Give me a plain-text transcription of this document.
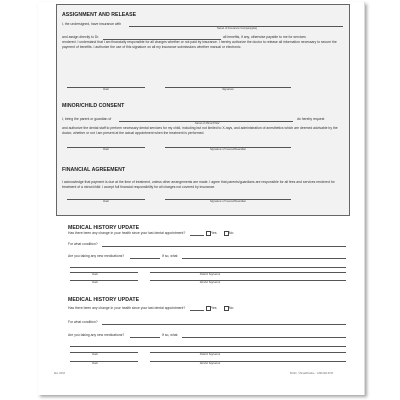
ASSIGNMENT AND RELEASE
I, the undersigned, have insurance with
Name of Insurance Company(ies)
and assign directly to Dr.	all benefits, if any, otherwise payable to me for services

rendered. I understand that I am financially responsible for all charges whether or not paid by insurance. I hereby authorize the doctor to release all information necessary to secure the payment of benefits. I authorize the use of this signature on all my insurance submissions whether manual or electronic.

Date	Signature
MINOR/CHILD CONSENT
I, being the parent or guardian of
Name of Minor/Child
do hereby request

and authorize the dental staff to perform necessary dental services for my child, including but not limited to X-rays, and administration of anesthetics which are deemed advisable by the doctor, whether or not I am present at the actual appointment when the treatment is performed.

Date	Signature of Insured/Guardian
FINANCIAL AGREEMENT

I acknowledge that payment is due at the time of treatment, unless other arrangements are made. I agree that parents/guardians are responsible for all fees and services rendered for treatment of a minor/child. I accept full financial responsibility for all charges not covered by insurance.

Date	Signature of Insured/Guardian
MEDICAL HISTORY UPDATE
Has there been any change in your health since your last dental appointment?	Yes	No
For what condition?
Are you taking any new medications?	If so, what
Date	Patient Signature
Date	Dentist Signature
MEDICAL HISTORY UPDATE
Has there been any change in your health since your last dental appointment?	Yes	No
For what condition?
Are you taking any new medications?	If so, what
Date	Patient Signature
Date	Dentist Signature
Rev. 03/13	80143 · ©SmartPractice · 1-800-000-0733
